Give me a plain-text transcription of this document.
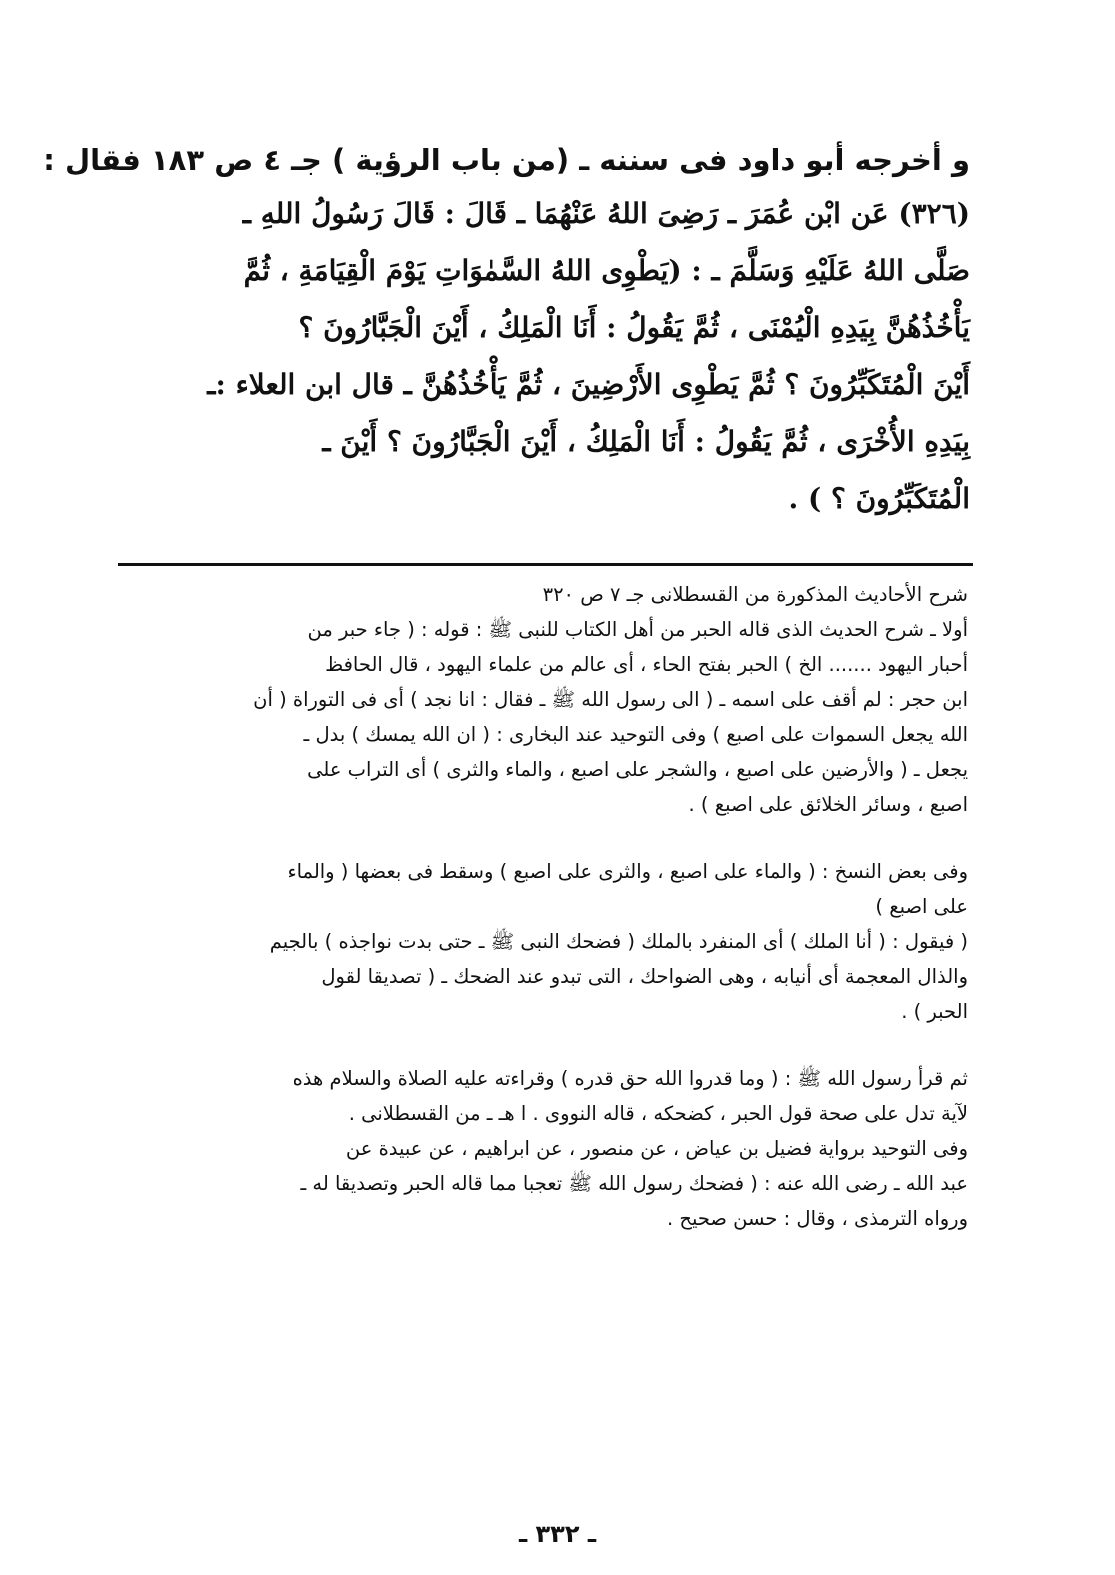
و أخرجه أبو داود فى سننه ـ (من باب الرؤية ) جـ ٤ ص ١٨٣ فقال :
(٣٢٦) عَن ابْن عُمَرَ ـ رَضِىَ اللهُ عَنْهُمَا ـ قَالَ : قَالَ رَسُولُ اللهِ ـ
صَلَّى اللهُ عَلَيْهِ وَسَلَّمَ ـ : (يَطْوِى اللهُ السَّمٰوَاتِ يَوْمَ الْقِيَامَةِ ، ثُمَّ
يَأْخُذُهُنَّ بِيَدِهِ الْيُمْنَى ، ثُمَّ يَقُولُ : أَنَا الْمَلِكُ ، أَيْنَ الْجَبَّارُونَ ؟
أَيْنَ الْمُتَكَبِّرُونَ ؟ ثُمَّ يَطْوِى الأَرْضِينَ ، ثُمَّ يَأْخُذُهُنَّ ـ قال ابن العلاء :ـ
بِيَدِهِ الأُخْرَى ، ثُمَّ يَقُولُ : أَنَا الْمَلِكُ ، أَيْنَ الْجَبَّارُونَ ؟ أَيْنَ ـ
الْمُتَكَبِّرُونَ ؟ ) .
شرح الأحاديث المذكورة من القسطلانى جـ ٧ ص ٣٢٠
أولا ـ شرح الحديث الذى قاله الحبر من أهل الكتاب للنبى ﷺ : قوله : ( جاء حبر من
أحبار اليهود ....... الخ ) الحبر بفتح الحاء ، أى عالم من علماء اليهود ، قال الحافظ
ابن حجر : لم أقف على اسمه ـ ( الى رسول الله ﷺ ـ فقال : انا نجد ) أى فى التوراة ( أن
الله يجعل السموات على اصبع ) وفى التوحيد عند البخارى : ( ان الله يمسك ) بدل ـ
يجعل ـ ( والأرضين على اصبع ، والشجر على اصبع ، والماء والثرى ) أى التراب على
اصبع ، وسائر الخلائق على اصبع ) .
وفى بعض النسخ : ( والماء على اصبع ، والثرى على اصبع ) وسقط فى بعضها ( والماء
على اصبع )
( فيقول : ( أنا الملك ) أى المنفرد بالملك ( فضحك النبى ﷺ ـ حتى بدت نواجذه ) بالجيم
والذال المعجمة أى أنيابه ، وهى الضواحك ، التى تبدو عند الضحك ـ ( تصديقا لقول
الحبر ) .
ثم قرأ رسول الله ﷺ : ( وما قدروا الله حق قدره ) وقراءته عليه الصلاة والسلام هذه
لآية تدل على صحة قول الحبر ، كضحكه ، قاله النووى . ا هـ ـ من القسطلانى .
وفى التوحيد برواية فضيل بن عياض ، عن منصور ، عن ابراهيم ، عن عبيدة عن
عبد الله ـ رضى الله عنه : ( فضحك رسول الله ﷺ تعجبا مما قاله الحبر وتصديقا له ـ
ورواه الترمذى ، وقال : حسن صحيح .
ـ ٣٣٢ ـ
